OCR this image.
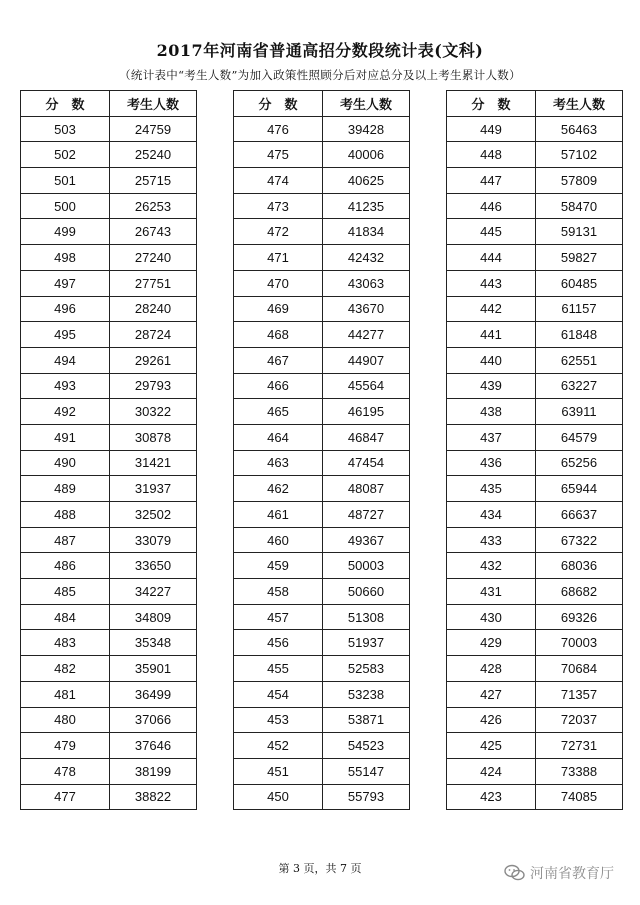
2017年河南省普通高招分数段统计表(文科)
（统计表中“考生人数”为加入政策性照顾分后对应总分及以上考生累计人数）
分　数	考生人数
503	24759
502	25240
501	25715
500	26253
499	26743
498	27240
497	27751
496	28240
495	28724
494	29261
493	29793
492	30322
491	30878
490	31421
489	31937
488	32502
487	33079
486	33650
485	34227
484	34809
483	35348
482	35901
481	36499
480	37066
479	37646
478	38199
477	38822
分　数	考生人数
476	39428
475	40006
474	40625
473	41235
472	41834
471	42432
470	43063
469	43670
468	44277
467	44907
466	45564
465	46195
464	46847
463	47454
462	48087
461	48727
460	49367
459	50003
458	50660
457	51308
456	51937
455	52583
454	53238
453	53871
452	54523
451	55147
450	55793
分　数	考生人数
449	56463
448	57102
447	57809
446	58470
445	59131
444	59827
443	60485
442	61157
441	61848
440	62551
439	63227
438	63911
437	64579
436	65256
435	65944
434	66637
433	67322
432	68036
431	68682
430	69326
429	70003
428	70684
427	71357
426	72037
425	72731
424	73388
423	74085
第 3 页，共 7 页	河南省教育厅
